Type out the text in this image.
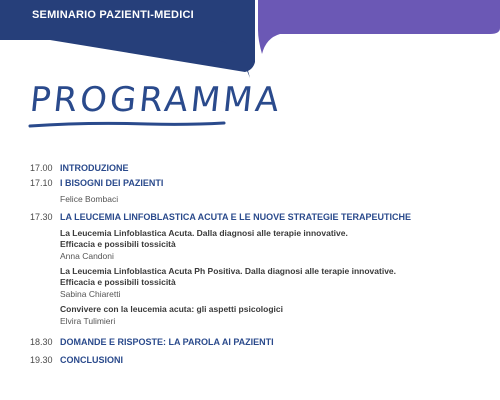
SEMINARIO PAZIENTI-MEDICI
PROGRAMMA
17.00 INTRODUZIONE
17.10 I BISOGNI DEI PAZIENTI
Felice Bombaci
17.30 LA LEUCEMIA LINFOBLASTICA ACUTA E LE NUOVE STRATEGIE TERAPEUTICHE
La Leucemia Linfoblastica Acuta. Dalla diagnosi alle terapie innovative.
Efficacia e possibili tossicità
Anna Candoni
La Leucemia Linfoblastica Acuta Ph Positiva. Dalla diagnosi alle terapie innovative.
Efficacia e possibili tossicità
Sabina Chiaretti
Convivere con la leucemia acuta: gli aspetti psicologici
Elvira Tulimieri
18.30 DOMANDE E RISPOSTE: LA PAROLA AI PAZIENTI
19.30 CONCLUSIONI
